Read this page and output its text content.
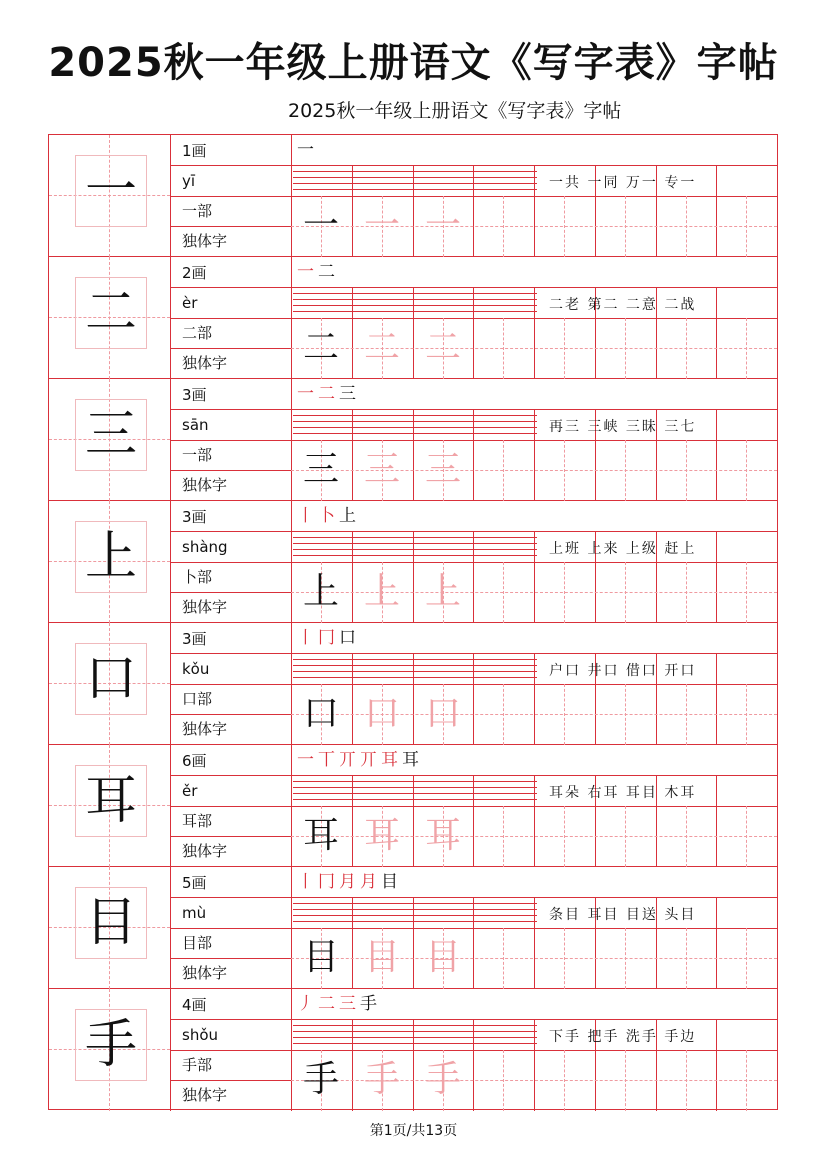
2025秋一年级上册语文《写字表》字帖
2025秋一年级上册语文《写字表》字帖
一
1画
yī
一部
独体字
一
一 一 一
一共 一同 万一 专一
二
2画
èr
二部
独体字
一二
二 二 二
二老 第二 二意 二战
三
3画
sān
一部
独体字
一二三
三 三 三
再三 三峡 三昧 三七
上
3画
shàng
卜部
独体字
丨卜上
上 上 上
上班 上来 上级 赶上
口
3画
kǒu
口部
独体字
丨冂口
口 口 口
户口 井口 借口 开口
耳
6画
ěr
耳部
独体字
一丅丌丌耳耳
耳 耳 耳
耳朵 右耳 耳目 木耳
目
5画
mù
目部
独体字
丨冂月月目
目 目 目
条目 耳目 目送 头目
手
4画
shǒu
手部
独体字
丿二三手
手 手 手
下手 把手 洗手 手边
第1页/共13页
